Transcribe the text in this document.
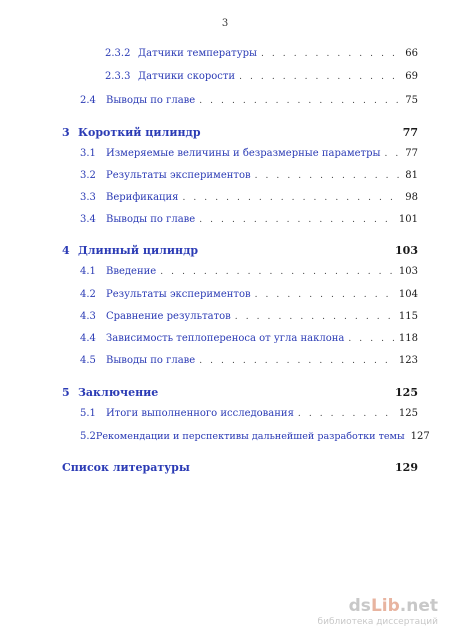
3
2.3.2 Датчики температуры . . .	66
2.3.3 Датчики скорости . . .	69
2.4	Выводы по главе . . .	75
3 Короткий цилиндр	77
3.1	Измеряемые величины и безразмерные параметры . . . 77
3.2	Результаты экспериментов . . .	81
3.3	Верификация . . .	98
3.4	Выводы по главе . . .	101
4 Длинный цилиндр	103
4.1	Введение . . .	103
4.2	Результаты экспериментов . . .	104
4.3	Сравнение результатов . . .	115
4.4	Зависимость теплопереноса от угла наклона . . .	118
4.5	Выводы по главе . . .	123
5 Заключение	125
5.1	Итоги выполненного исследования . . .	125
5.2 Рекомендации и перспективы дальнейшей разработки темы 127
Список литературы	129
dsLib.net
библиотека диссертаций
